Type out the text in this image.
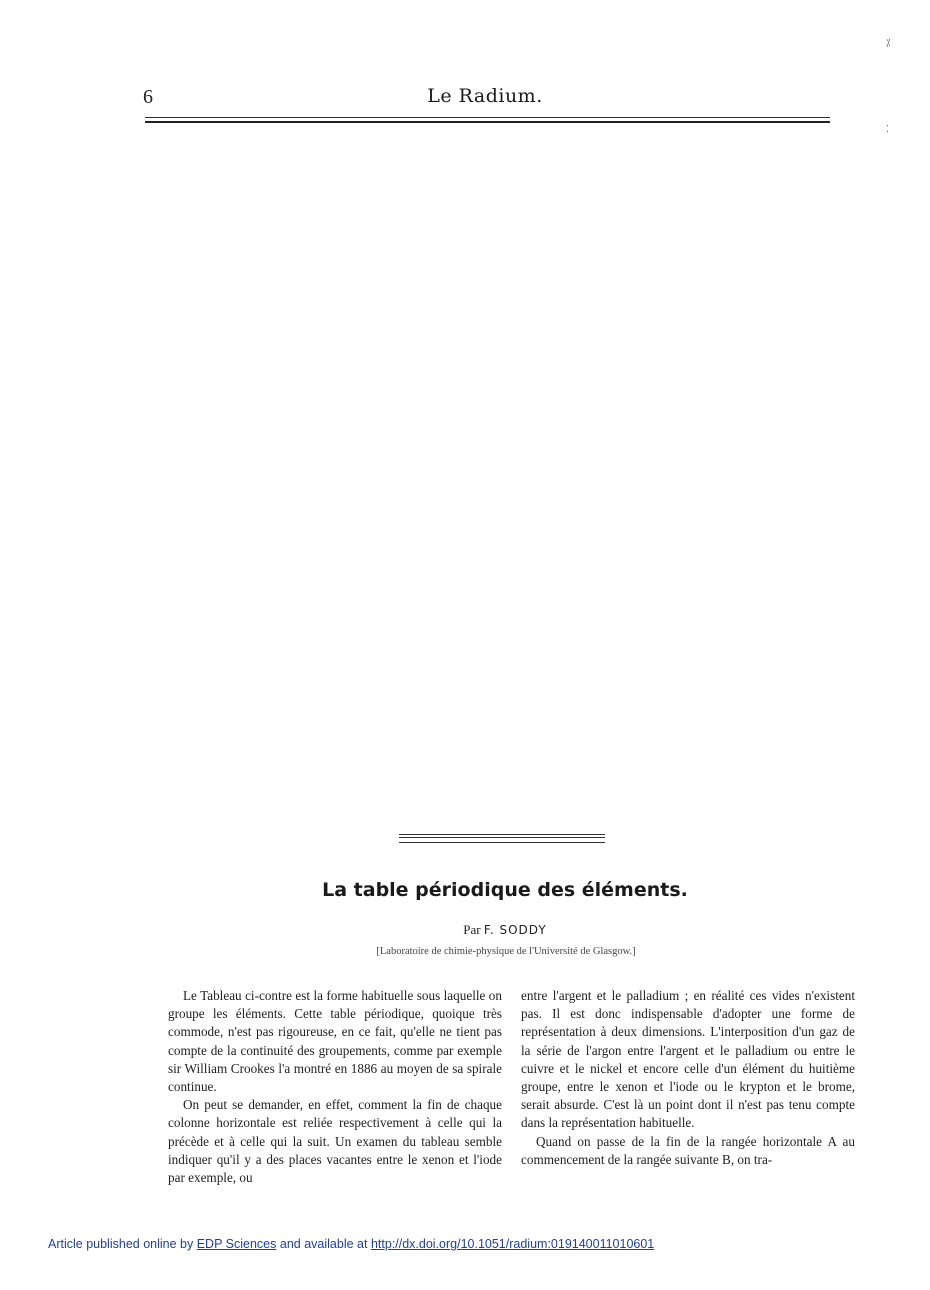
6	Le Radium.
⁒
⁚
La table périodique des éléments.
Par F. SODDY
[Laboratoire de chimie-physique de l'Université de Glasgow.]

Le Tableau ci-contre est la forme habituelle sous laquelle on groupe les éléments. Cette table périodique, quoique très commode, n'est pas rigoureuse, en ce fait, qu'elle ne tient pas compte de la continuité des groupements, comme par exemple sir William Crookes l'a montré en 1886 au moyen de sa spirale continue.

On peut se demander, en effet, comment la fin de chaque colonne horizontale est reliée respectivement à celle qui la précède et à celle qui la suit. Un examen du tableau semble indiquer qu'il y a des places vacantes entre le xenon et l'iode par exemple, ou

entre l'argent et le palladium ; en réalité ces vides n'existent pas. Il est donc indispensable d'adopter une forme de représentation à deux dimensions. L'interposition d'un gaz de la série de l'argon entre l'argent et le palladium ou entre le cuivre et le nickel et encore celle d'un élément du huitième groupe, entre le xenon et l'iode ou le krypton et le brome, serait absurde. C'est là un point dont il n'est pas tenu compte dans la représentation habituelle.

Quand on passe de la fin de la rangée horizontale A au commencement de la rangée suivante B, on tra-

Article published online by EDP Sciences and available at http://dx.doi.org/10.1051/radium:019140011010601
